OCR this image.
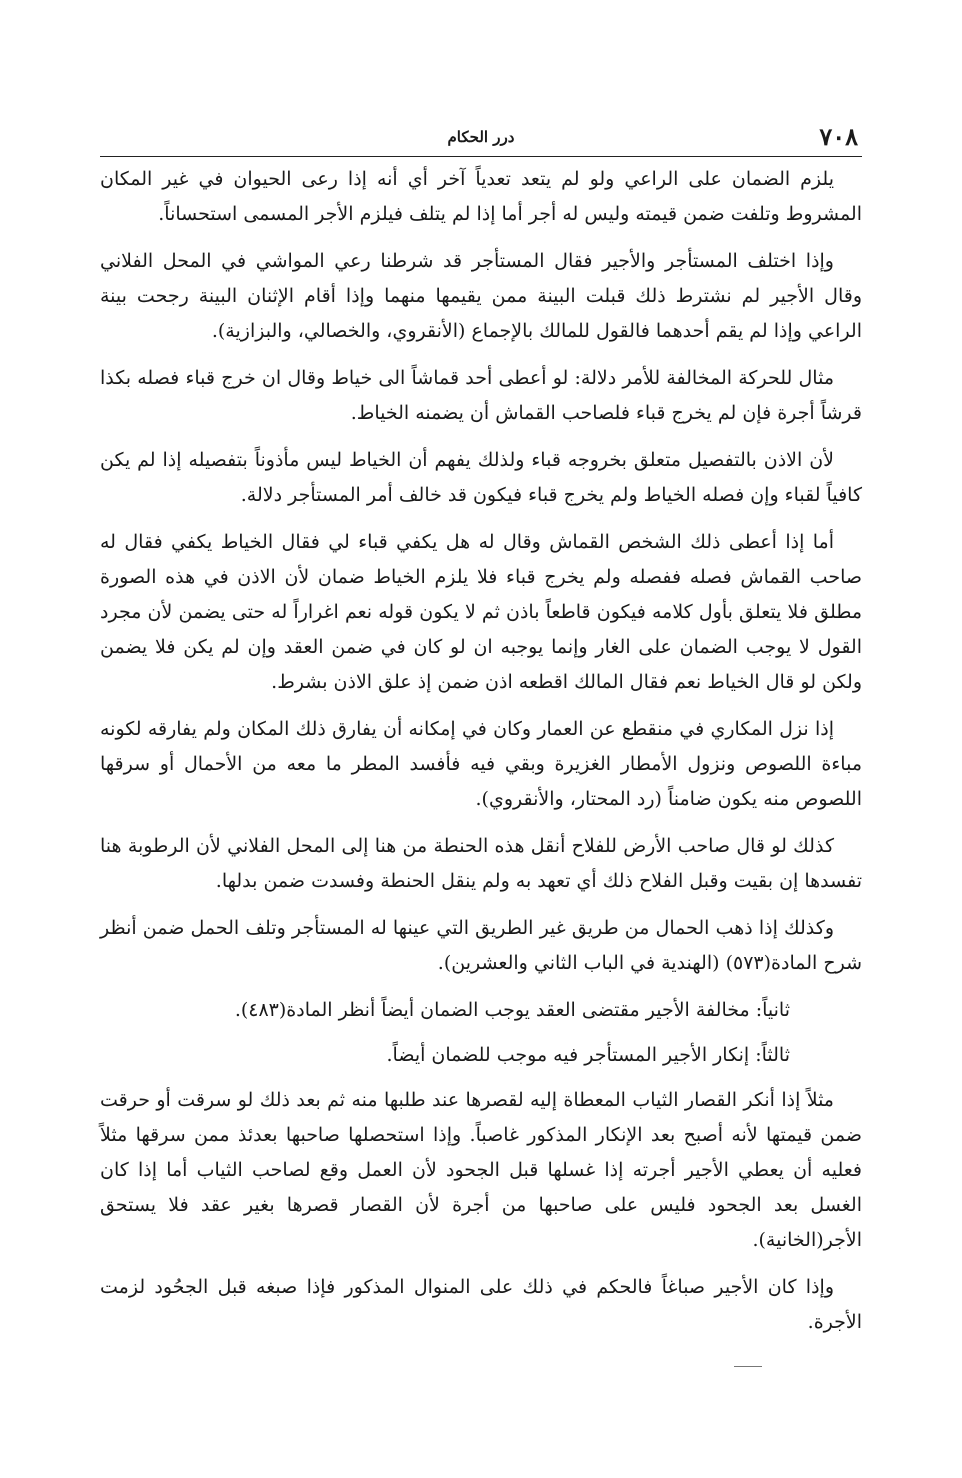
٧٠٨
درر الحكام

يلزم الضمان على الراعي ولو لم يتعد تعدياً آخر أي أنه إذا رعى الحيوان في غير المكان المشروط وتلفت ضمن قيمته وليس له أجر أما إذا لم يتلف فيلزم الأجر المسمى استحساناً.

وإذا اختلف المستأجر والأجير فقال المستأجر قد شرطنا رعي المواشي في المحل الفلاني وقال الأجير لم نشترط ذلك قبلت البينة ممن يقيمها منهما وإذا أقام الإثنان البينة رجحت بينة الراعي وإذا لم يقم أحدهما فالقول للمالك بالإجماع (الأنقروي، والخصالي، والبزازية).

مثال للحركة المخالفة للأمر دلالة: لو أعطى أحد قماشاً الى خياط وقال ان خرج قباء فصله بكذا قرشاً أجرة فإن لم يخرج قباء فلصاحب القماش أن يضمنه الخياط.

لأن الاذن بالتفصيل متعلق بخروجه قباء ولذلك يفهم أن الخياط ليس مأذوناً بتفصيله إذا لم يكن كافياً لقباء وإن فصله الخياط ولم يخرج قباء فيكون قد خالف أمر المستأجر دلالة.

أما إذا أعطى ذلك الشخص القماش وقال له هل يكفي قباء لي فقال الخياط يكفي فقال له صاحب القماش فصله ففصله ولم يخرج قباء فلا يلزم الخياط ضمان لأن الاذن في هذه الصورة مطلق فلا يتعلق بأول كلامه فيكون قاطعاً باذن ثم لا يكون قوله نعم اغراراً له حتى يضمن لأن مجرد القول لا يوجب الضمان على الغار وإنما يوجبه ان لو كان في ضمن العقد وإن لم يكن فلا يضمن ولكن لو قال الخياط نعم فقال المالك اقطعه اذن ضمن إذ علق الاذن بشرط.

إذا نزل المكاري في منقطع عن العمار وكان في إمكانه أن يفارق ذلك المكان ولم يفارقه لكونه مباءة اللصوص ونزول الأمطار الغزيرة وبقي فيه فأفسد المطر ما معه من الأحمال أو سرقها اللصوص منه يكون ضامناً (رد المحتار، والأنقروي).

كذلك لو قال صاحب الأرض للفلاح أنقل هذه الحنطة من هنا إلى المحل الفلاني لأن الرطوبة هنا تفسدها إن بقيت وقبل الفلاح ذلك أي تعهد به ولم ينقل الحنطة وفسدت ضمن بدلها.

وكذلك إذا ذهب الحمال من طريق غير الطريق التي عينها له المستأجر وتلف الحمل ضمن أنظر شرح المادة(٥٧٣) (الهندية في الباب الثاني والعشرين).

ثانياً: مخالفة الأجير مقتضى العقد يوجب الضمان أيضاً أنظر المادة(٤٨٣).

ثالثاً: إنكار الأجير المستأجر فيه موجب للضمان أيضاً.

مثلاً إذا أنكر القصار الثياب المعطاة إليه لقصرها عند طلبها منه ثم بعد ذلك لو سرقت أو حرقت ضمن قيمتها لأنه أصبح بعد الإنكار المذكور غاصباً. وإذا استحصلها صاحبها بعدئذ ممن سرقها مثلاً فعليه أن يعطي الأجير أجرته إذا غسلها قبل الجحود لأن العمل وقع لصاحب الثياب أما إذا كان الغسل بعد الجحود فليس على صاحبها من أجرة لأن القصار قصرها بغير عقد فلا يستحق الأجر(الخانية).

وإذا كان الأجير صباغاً فالحكم في ذلك على المنوال المذكور فإذا صبغه قبل الجحُود لزمت الأجرة.
